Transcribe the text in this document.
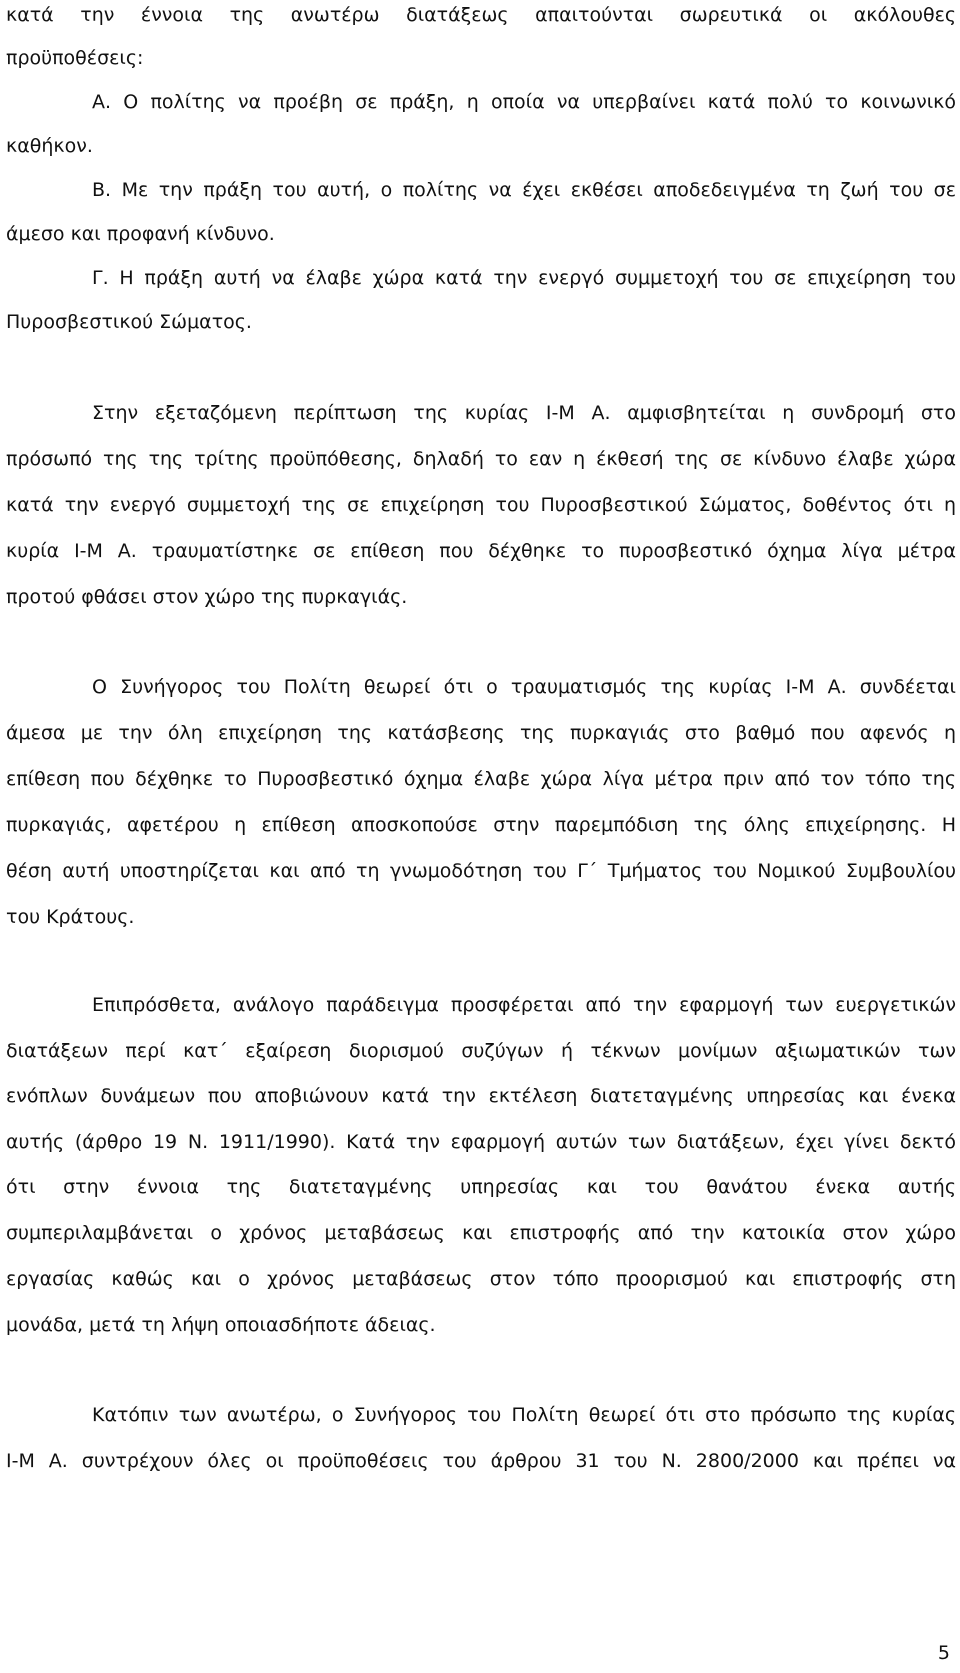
κατά την έννοια της ανωτέρω διατάξεως απαιτούνται σωρευτικά οι ακόλουθες
προϋποθέσεις:
Α. Ο πολίτης να προέβη σε πράξη, η οποία να υπερβαίνει κατά πολύ το κοινωνικό
καθήκον.
Β. Με την πράξη του αυτή, ο πολίτης να έχει εκθέσει αποδεδειγμένα τη ζωή του σε
άμεσο και προφανή κίνδυνο.
Γ. Η πράξη αυτή να έλαβε χώρα κατά την ενεργό συμμετοχή του σε επιχείρηση του
Πυροσβεστικού Σώματος.
Στην εξεταζόμενη περίπτωση της κυρίας Ι-Μ Α. αμφισβητείται η συνδρομή στο
πρόσωπό της της τρίτης προϋπόθεσης, δηλαδή το εαν η έκθεσή της σε κίνδυνο έλαβε χώρα
κατά την ενεργό συμμετοχή της σε επιχείρηση του Πυροσβεστικού Σώματος, δοθέντος ότι η
κυρία Ι-Μ Α. τραυματίστηκε σε επίθεση που δέχθηκε το πυροσβεστικό όχημα λίγα μέτρα
προτού φθάσει στον χώρο της πυρκαγιάς.
Ο Συνήγορος του Πολίτη θεωρεί ότι ο τραυματισμός της κυρίας Ι-Μ Α. συνδέεται
άμεσα με την όλη επιχείρηση της κατάσβεσης της πυρκαγιάς στο βαθμό που αφενός η
επίθεση που δέχθηκε το Πυροσβεστικό όχημα έλαβε χώρα λίγα μέτρα πριν από τον τόπο της
πυρκαγιάς, αφετέρου η επίθεση αποσκοπούσε στην παρεμπόδιση της όλης επιχείρησης. Η
θέση αυτή υποστηρίζεται και από τη γνωμοδότηση του Γ΄ Τμήματος του Νομικού Συμβουλίου
του Κράτους.
Επιπρόσθετα, ανάλογο παράδειγμα προσφέρεται από την εφαρμογή των ευεργετικών
διατάξεων περί κατ΄ εξαίρεση διορισμού συζύγων ή τέκνων μονίμων αξιωματικών των
ενόπλων δυνάμεων που αποβιώνουν κατά την εκτέλεση διατεταγμένης υπηρεσίας και ένεκα
αυτής (άρθρο 19 Ν. 1911/1990). Κατά την εφαρμογή αυτών των διατάξεων, έχει γίνει δεκτό
ότι στην έννοια της διατεταγμένης υπηρεσίας και του θανάτου ένεκα αυτής
συμπεριλαμβάνεται ο χρόνος μεταβάσεως και επιστροφής από την κατοικία στον χώρο
εργασίας καθώς και ο χρόνος μεταβάσεως στον τόπο προορισμού και επιστροφής στη
μονάδα, μετά τη λήψη οποιασδήποτε άδειας.
Κατόπιν των ανωτέρω, ο Συνήγορος του Πολίτη θεωρεί ότι στο πρόσωπο της κυρίας
Ι-Μ Α. συντρέχουν όλες οι προϋποθέσεις του άρθρου 31 του Ν. 2800/2000 και πρέπει να
5
